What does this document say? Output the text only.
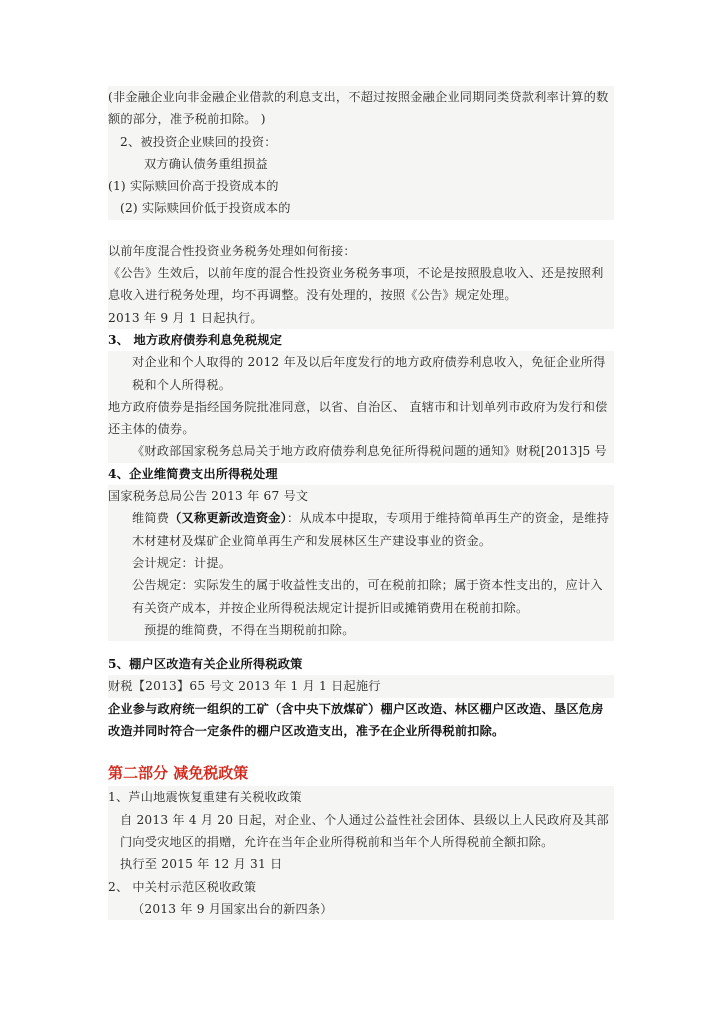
(非金融企业向非金融企业借款的利息支出，不超过按照金融企业同期同类贷款利率计算的数额的部分，准予税前扣除。 )
2、被投资企业赎回的投资：
双方确认债务重组损益
(1) 实际赎回价高于投资成本的
(2) 实际赎回价低于投资成本的
以前年度混合性投资业务税务处理如何衔接：
《公告》生效后，以前年度的混合性投资业务税务事项，不论是按照股息收入、还是按照利息收入进行税务处理，均不再调整。没有处理的，按照《公告》规定处理。
2013 年 9 月 1 日起执行。
3、 地方政府债券利息免税规定
对企业和个人取得的 2012 年及以后年度发行的地方政府债券利息收入，免征企业所得税和个人所得税。
地方政府债券是指经国务院批准同意，以省、自治区、 直辖市和计划单列市政府为发行和偿还主体的债券。
《财政部国家税务总局关于地方政府债券利息免征所得税问题的通知》财税[2013]5 号
4、企业维简费支出所得税处理
国家税务总局公告 2013 年 67 号文
维简费（又称更新改造资金）：从成本中提取，专项用于维持简单再生产的资金，是维持木材建材及煤矿企业简单再生产和发展林区生产建设事业的资金。
会计规定：计提。
公告规定：实际发生的属于收益性支出的，可在税前扣除；属于资本性支出的，应计入有关资产成本，并按企业所得税法规定计提折旧或摊销费用在税前扣除。
预提的维简费，不得在当期税前扣除。
5、棚户区改造有关企业所得税政策
财税【2013】65 号文 2013 年 1 月 1 日起施行
企业参与政府统一组织的工矿（含中央下放煤矿）棚户区改造、林区棚户区改造、垦区危房改造并同时符合一定条件的棚户区改造支出，准予在企业所得税前扣除。
第二部分 减免税政策
1、芦山地震恢复重建有关税收政策
自 2013 年 4 月 20 日起，对企业、个人通过公益性社会团体、县级以上人民政府及其部门向受灾地区的捐赠，允许在当年企业所得税前和当年个人所得税前全额扣除。
执行至 2015 年 12 月 31 日
2、 中关村示范区税收政策
（2013 年 9 月国家出台的新四条）
